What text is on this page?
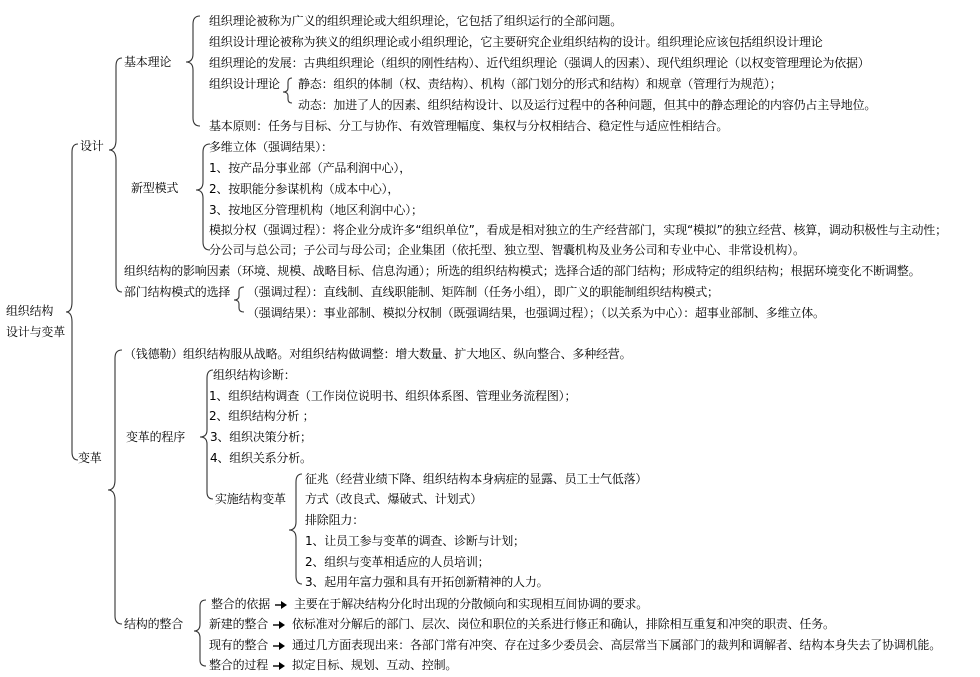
组织结构
设计与变革
设计
基本理论
组织理论被称为广义的组织理论或大组织理论，它包括了组织运行的全部问题。
组织设计理论被称为狭义的组织理论或小组织理论，它主要研究企业组织结构的设计。组织理论应该包括组织设计理论
组织理论的发展：古典组织理论（组织的刚性结构）、近代组织理论（强调人的因素）、现代组织理论（以权变管理理论为依据）
组织设计理论 静态：组织的体制（权、责结构）、机构（部门划分的形式和结构）和规章（管理行为规范）；
动态：加进了人的因素、组织结构设计、以及运行过程中的各种问题，但其中的静态理论的内容仍占主导地位。
基本原则：任务与目标、分工与协作、有效管理幅度、集权与分权相结合、稳定性与适应性相结合。
新型模式
多维立体（强调结果）：
1、按产品分事业部（产品利润中心），
2、按职能分参谋机构（成本中心），
3、按地区分管理机构（地区利润中心）；
模拟分权（强调过程）：将企业分成许多“组织单位”，看成是相对独立的生产经营部门，实现“模拟”的独立经营、核算，调动积极性与主动性；
分公司与总公司；子公司与母公司；企业集团（依托型、独立型、智囊机构及业务公司和专业中心、非常设机构）。
组织结构的影响因素（环境、规模、战略目标、信息沟通）；所选的组织结构模式；选择合适的部门结构；形成特定的组织结构；根据环境变化不断调整。
部门结构模式的选择 （强调过程）：直线制、直线职能制、矩阵制（任务小组），即广义的职能制组织结构模式；
（强调结果）：事业部制、模拟分权制（既强调结果，也强调过程）；（以关系为中心）：超事业部制、多维立体。
变革
（钱德勒）组织结构服从战略。对组织结构做调整：增大数量、扩大地区、纵向整合、多种经营。
变革的程序
组织结构诊断：
1、组织结构调查（工作岗位说明书、组织体系图、管理业务流程图）；
2、组织结构分析 ；
3、组织决策分析；
4、组织关系分析。
实施结构变革
征兆（经营业绩下降、组织结构本身病症的显露、员工士气低落）
方式（改良式、爆破式、计划式）
排除阻力：
1、让员工参与变革的调查、诊断与计划；
2、组织与变革相适应的人员培训；
3、起用年富力强和具有开拓创新精神的人力。
结构的整合
整合的依据 主要在于解决结构分化时出现的分散倾向和实现相互间协调的要求。
新建的整合 依标准对分解后的部门、层次、岗位和职位的关系进行修正和确认，排除相互重复和冲突的职责、任务。
现有的整合 通过几方面表现出来：各部门常有冲突、存在过多少委员会、高层常当下属部门的裁判和调解者、结构本身失去了协调机能。
整合的过程 拟定目标、规划、互动、控制。
